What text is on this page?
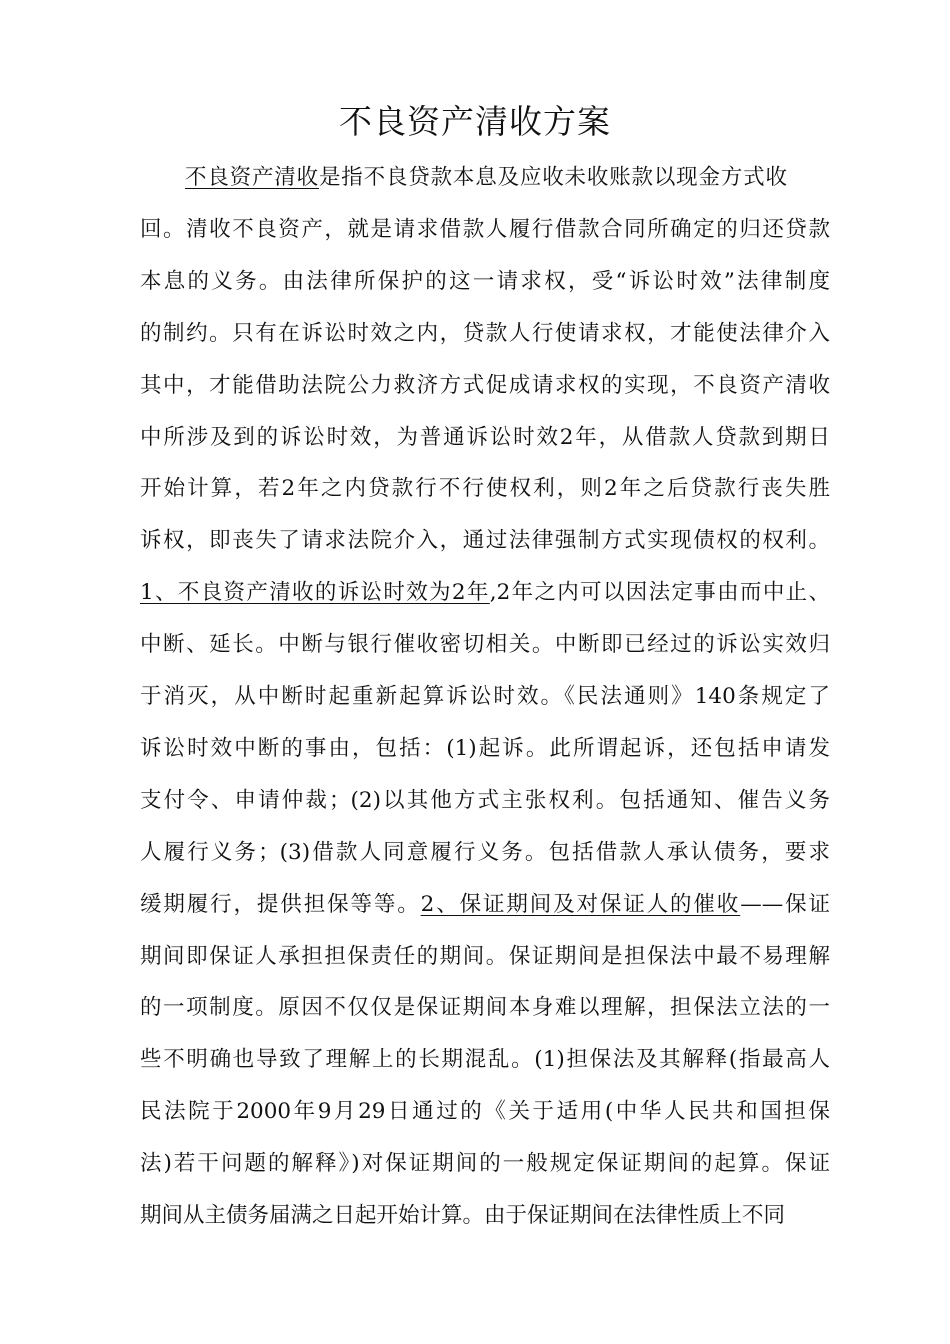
不良资产清收方案
不良资产清收是指不良贷款本息及应收未收账款以现金方式收
回。清收不良资产，就是请求借款人履行借款合同所确定的归还贷款
本息的义务。由法律所保护的这一请求权，受“诉讼时效”法律制度
的制约。只有在诉讼时效之内，贷款人行使请求权，才能使法律介入
其中，才能借助法院公力救济方式促成请求权的实现，不良资产清收
中所涉及到的诉讼时效，为普通诉讼时效2年，从借款人贷款到期日
开始计算，若2年之内贷款行不行使权利，则2年之后贷款行丧失胜
诉权，即丧失了请求法院介入，通过法律强制方式实现债权的权利。
1、不良资产清收的诉讼时效为2年,2年之内可以因法定事由而中止、
中断、延长。中断与银行催收密切相关。中断即已经过的诉讼实效归
于消灭，从中断时起重新起算诉讼时效。《民法通则》140条规定了
诉讼时效中断的事由，包括：(1)起诉。此所谓起诉，还包括申请发
支付令、申请仲裁；(2)以其他方式主张权利。包括通知、催告义务
人履行义务；(3)借款人同意履行义务。包括借款人承认债务，要求
缓期履行，提供担保等等。2、保证期间及对保证人的催收——保证
期间即保证人承担担保责任的期间。保证期间是担保法中最不易理解
的一项制度。原因不仅仅是保证期间本身难以理解，担保法立法的一
些不明确也导致了理解上的长期混乱。(1)担保法及其解释(指最高人
民法院于2000年9月29日通过的《关于适用(中华人民共和国担保
法)若干问题的解释》)对保证期间的一般规定保证期间的起算。保证
期间从主债务届满之日起开始计算。由于保证期间在法律性质上不同
